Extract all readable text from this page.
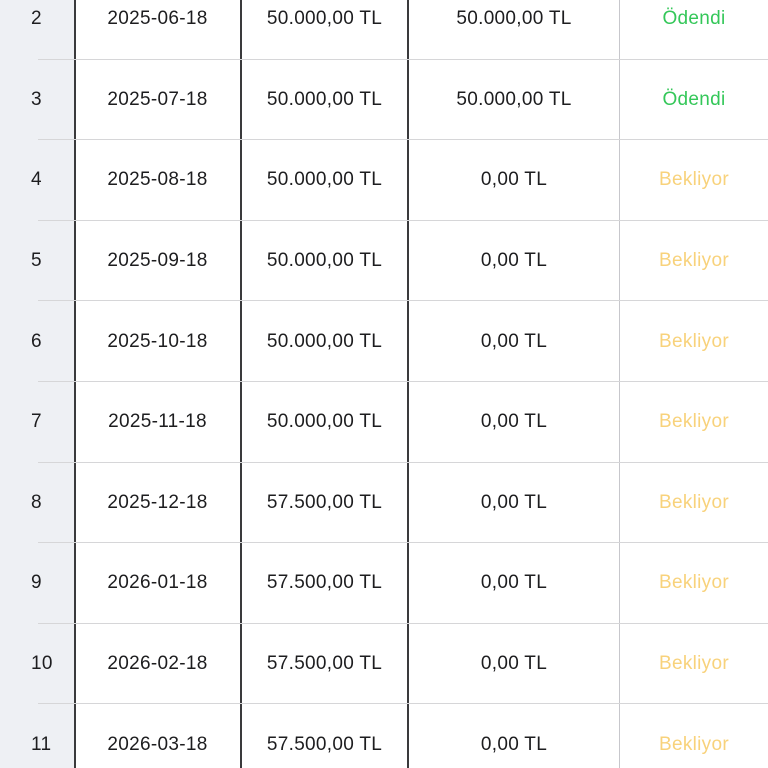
2	2025-06-18	50.000,00 TL	50.000,00 TL	Ödendi
3	2025-07-18	50.000,00 TL	50.000,00 TL	Ödendi
4	2025-08-18	50.000,00 TL	0,00 TL	Bekliyor
5	2025-09-18	50.000,00 TL	0,00 TL	Bekliyor
6	2025-10-18	50.000,00 TL	0,00 TL	Bekliyor
7	2025-11-18	50.000,00 TL	0,00 TL	Bekliyor
8	2025-12-18	57.500,00 TL	0,00 TL	Bekliyor
9	2026-01-18	57.500,00 TL	0,00 TL	Bekliyor
10	2026-02-18	57.500,00 TL	0,00 TL	Bekliyor
11	2026-03-18	57.500,00 TL	0,00 TL	Bekliyor
